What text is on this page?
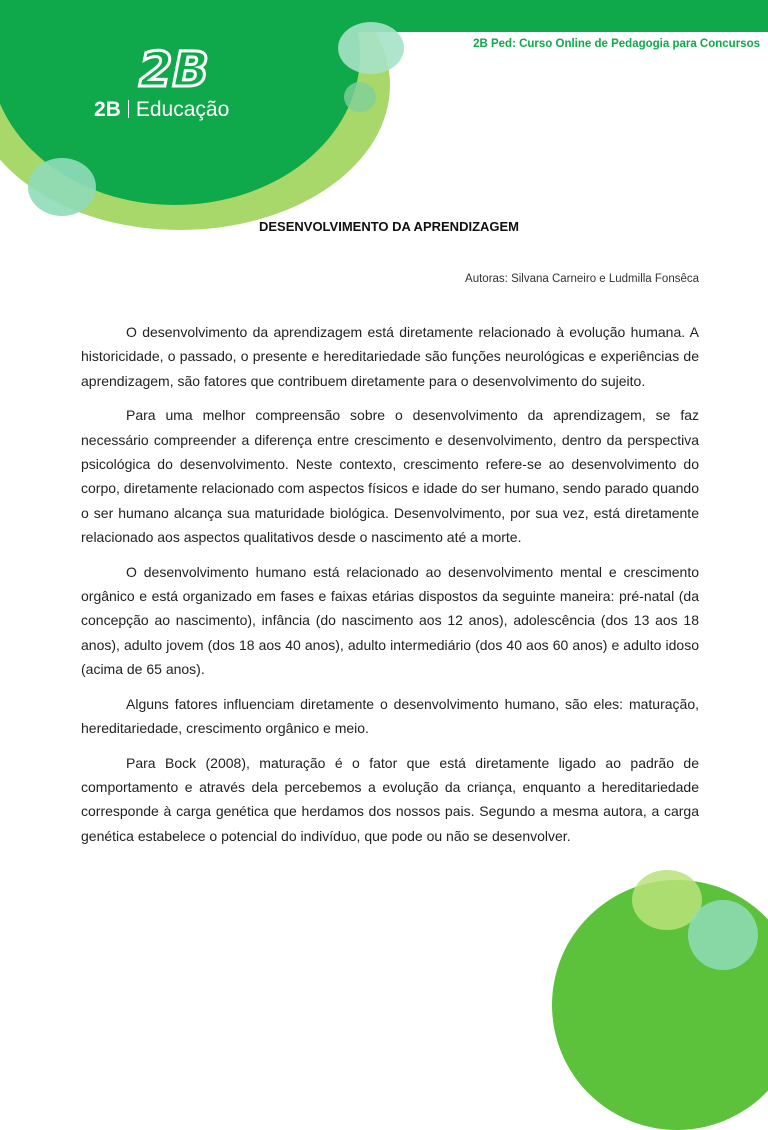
2B Ped: Curso Online de Pedagogia para Concursos
2B
2B Educação
DESENVOLVIMENTO DA APRENDIZAGEM
Autoras: Silvana Carneiro e Ludmilla Fonsêca

O desenvolvimento da aprendizagem está diretamente relacionado à evolução humana. A historicidade, o passado, o presente e hereditariedade são funções neurológicas e experiências de aprendizagem, são fatores que contribuem diretamente para o desenvolvimento do sujeito.

Para uma melhor compreensão sobre o desenvolvimento da aprendizagem, se faz necessário compreender a diferença entre crescimento e desenvolvimento, dentro da perspectiva psicológica do desenvolvimento. Neste contexto, crescimento refere-se ao desenvolvimento do corpo, diretamente relacionado com aspectos físicos e idade do ser humano, sendo parado quando o ser humano alcança sua maturidade biológica. Desenvolvimento, por sua vez, está diretamente relacionado aos aspectos qualitativos desde o nascimento até a morte.

O desenvolvimento humano está relacionado ao desenvolvimento mental e crescimento orgânico e está organizado em fases e faixas etárias dispostos da seguinte maneira: pré-natal (da concepção ao nascimento), infância (do nascimento aos 12 anos), adolescência (dos 13 aos 18 anos), adulto jovem (dos 18 aos 40 anos), adulto intermediário (dos 40 aos 60 anos) e adulto idoso (acima de 65 anos).

Alguns fatores influenciam diretamente o desenvolvimento humano, são eles: maturação, hereditariedade, crescimento orgânico e meio.

Para Bock (2008), maturação é o fator que está diretamente ligado ao padrão de comportamento e através dela percebemos a evolução da criança, enquanto a hereditariedade corresponde à carga genética que herdamos dos nossos pais. Segundo a mesma autora, a carga genética estabelece o potencial do indivíduo, que pode ou não se desenvolver.
